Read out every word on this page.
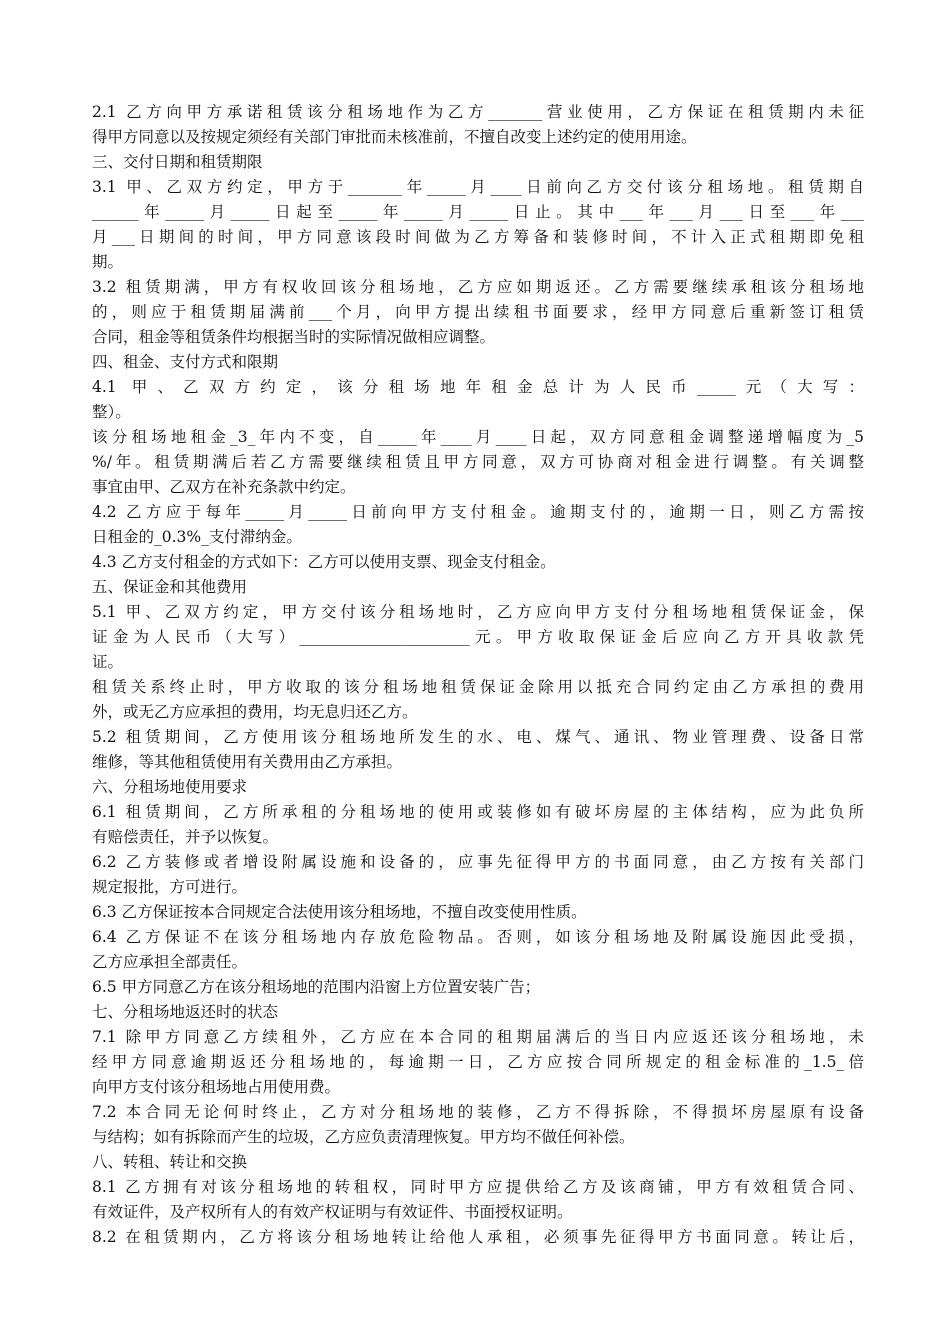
2.1 乙方向甲方承诺租赁该分租场地作为乙方_______营业使用，乙方保证在租赁期内未征
得甲方同意以及按规定须经有关部门审批而未核准前，不擅自改变上述约定的使用用途。
三、交付日期和租赁期限
3.1 甲、乙双方约定，甲方于_______年_____月____日前向乙方交付该分租场地。租赁期自
______年_____月_____日起至_____年_____月_____日止。其中___年___月___日至___年___
月___日期间的时间，甲方同意该段时间做为乙方筹备和装修时间，不计入正式租期即免租
期。
3.2 租赁期满，甲方有权收回该分租场地，乙方应如期返还。乙方需要继续承租该分租场地
的，则应于租赁期届满前___个月，向甲方提出续租书面要求，经甲方同意后重新签订租赁
合同，租金等租赁条件均根据当时的实际情况做相应调整。
四、租金、支付方式和限期
4.1 甲、乙双方约定，该分租场地年租金总计为人民币_____元（大写：
整）。
该分租场地租金_3_年内不变，自_____年____月____日起，双方同意租金调整递增幅度为_5
%/年。租赁期满后若乙方需要继续租赁且甲方同意，双方可协商对租金进行调整。有关调整
事宜由甲、乙双方在补充条款中约定。
4.2 乙方应于每年_____月_____日前向甲方支付租金。逾期支付的，逾期一日，则乙方需按
日租金的_0.3%_支付滞纳金。
4.3 乙方支付租金的方式如下：乙方可以使用支票、现金支付租金。
五、保证金和其他费用
5.1 甲、乙双方约定，甲方交付该分租场地时，乙方应向甲方支付分租场地租赁保证金，保
证金为人民币（大写）______________________元。甲方收取保证金后应向乙方开具收款凭
证。
租赁关系终止时，甲方收取的该分租场地租赁保证金除用以抵充合同约定由乙方承担的费用
外，或无乙方应承担的费用，均无息归还乙方。
5.2 租赁期间，乙方使用该分租场地所发生的水、电、煤气、通讯、物业管理费、设备日常
维修，等其他租赁使用有关费用由乙方承担。
六、分租场地使用要求
6.1 租赁期间，乙方所承租的分租场地的使用或装修如有破坏房屋的主体结构，应为此负所
有赔偿责任，并予以恢复。
6.2 乙方装修或者增设附属设施和设备的，应事先征得甲方的书面同意，由乙方按有关部门
规定报批，方可进行。
6.3 乙方保证按本合同规定合法使用该分租场地，不擅自改变使用性质。
6.4 乙方保证不在该分租场地内存放危险物品。否则，如该分租场地及附属设施因此受损，
乙方应承担全部责任。
6.5 甲方同意乙方在该分租场地的范围内沿窗上方位置安装广告；
七、分租场地返还时的状态
7.1 除甲方同意乙方续租外，乙方应在本合同的租期届满后的当日内应返还该分租场地，未
经甲方同意逾期返还分租场地的，每逾期一日，乙方应按合同所规定的租金标准的_1.5_倍
向甲方支付该分租场地占用使用费。
7.2 本合同无论何时终止，乙方对分租场地的装修，乙方不得拆除，不得损坏房屋原有设备
与结构；如有拆除而产生的垃圾，乙方应负责清理恢复。甲方均不做任何补偿。
八、转租、转让和交换
8.1 乙方拥有对该分租场地的转租权，同时甲方应提供给乙方及该商铺，甲方有效租赁合同、
有效证件，及产权所有人的有效产权证明与有效证件、书面授权证明。
8.2 在租赁期内，乙方将该分租场地转让给他人承租，必须事先征得甲方书面同意。转让后，
